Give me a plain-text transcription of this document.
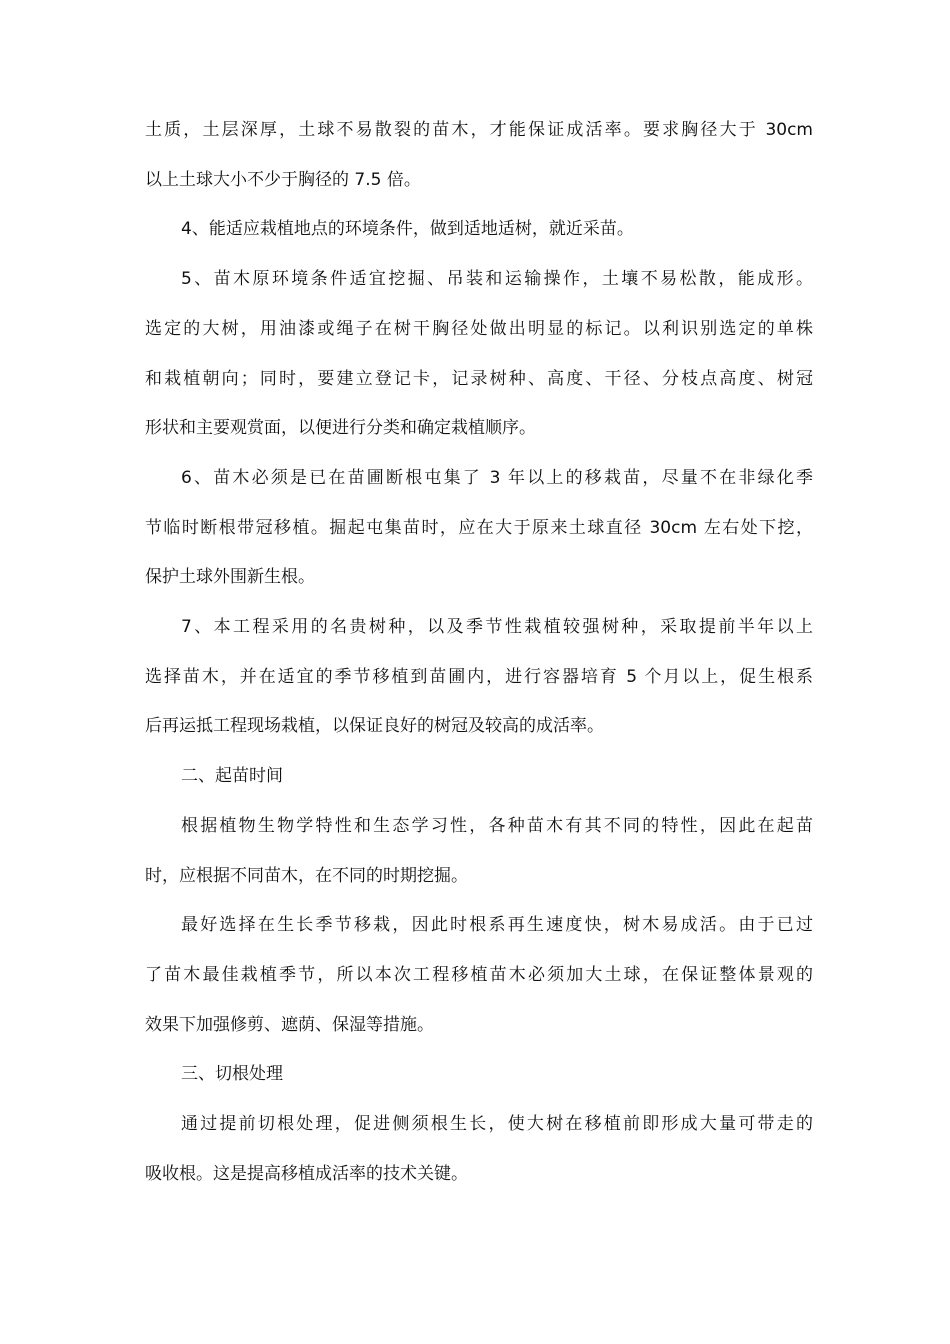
土质，土层深厚，土球不易散裂的苗木，才能保证成活率。要求胸径大于 30cm
以上土球大小不少于胸径的 7.5 倍。

4、能适应栽植地点的环境条件，做到适地适树，就近采苗。

5、苗木原环境条件适宜挖掘、吊装和运输操作，土壤不易松散，能成形。
选定的大树，用油漆或绳子在树干胸径处做出明显的标记。以利识别选定的单株
和栽植朝向；同时，要建立登记卡，记录树种、高度、干径、分枝点高度、树冠
形状和主要观赏面，以便进行分类和确定栽植顺序。

6、苗木必须是已在苗圃断根屯集了 3 年以上的移栽苗，尽量不在非绿化季
节临时断根带冠移植。掘起屯集苗时，应在大于原来土球直径 30cm 左右处下挖，
保护土球外围新生根。

7、本工程采用的名贵树种，以及季节性栽植较强树种，采取提前半年以上
选择苗木，并在适宜的季节移植到苗圃内，进行容器培育 5 个月以上，促生根系
后再运抵工程现场栽植，以保证良好的树冠及较高的成活率。

二、起苗时间

根据植物生物学特性和生态学习性，各种苗木有其不同的特性，因此在起苗
时，应根据不同苗木，在不同的时期挖掘。

最好选择在生长季节移栽，因此时根系再生速度快，树木易成活。由于已过
了苗木最佳栽植季节，所以本次工程移植苗木必须加大土球，在保证整体景观的
效果下加强修剪、遮荫、保湿等措施。

三、切根处理

通过提前切根处理，促进侧须根生长，使大树在移植前即形成大量可带走的
吸收根。这是提高移植成活率的技术关键。
